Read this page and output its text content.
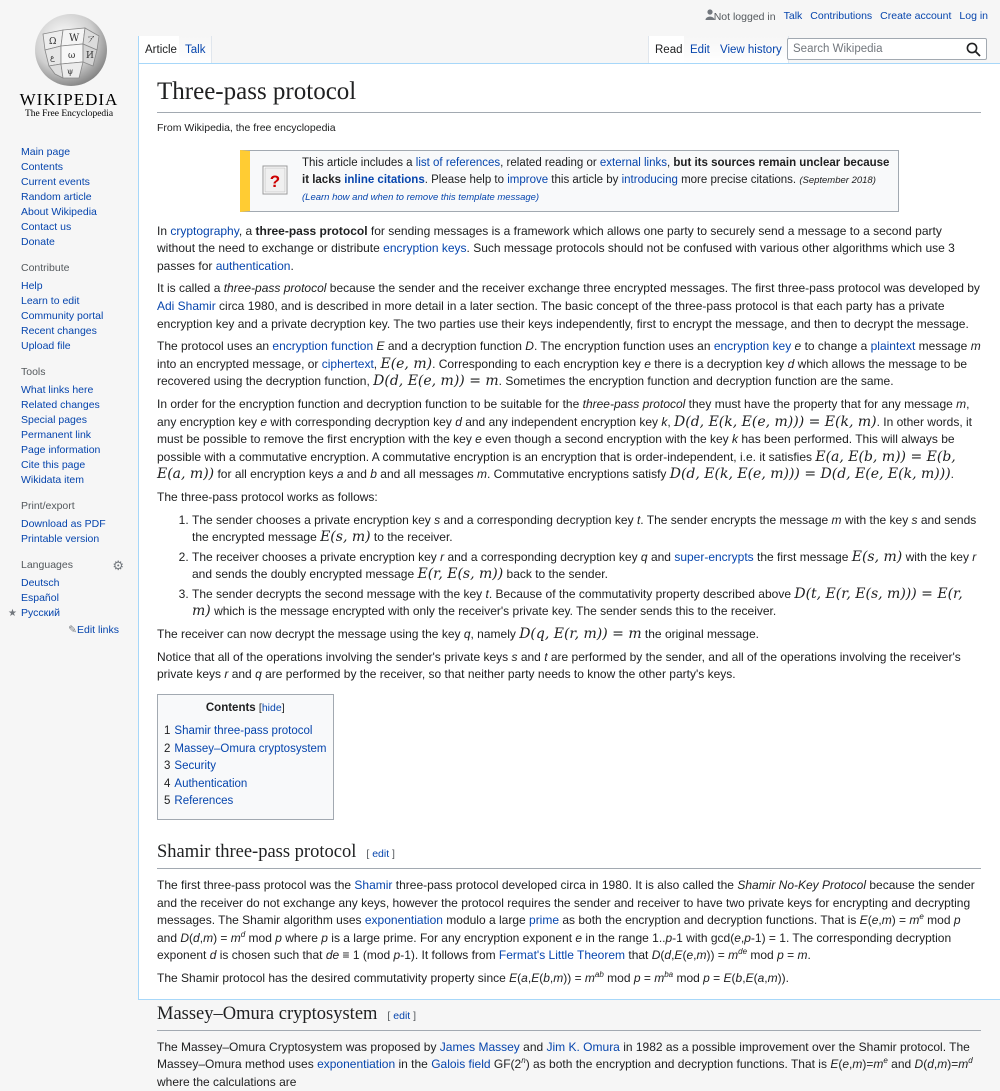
Ω W ア
ω И
ع
ψ
WIKIPEDIA
The Free Encyclopedia
Main page
Contents
Current events
Random article
About Wikipedia
Contact us
Donate
Contribute
Help
Learn to edit
Community portal
Recent changes
Upload file
Tools
What links here
Related changes
Special pages
Permanent link
Page information
Cite this page
Wikidata item
Print/export
Download as PDF
Printable version
Languages	⚙
Deutsch
Español
★ Русский
✎Edit links
Not logged in Talk Contributions Create account Log in
Article Talk	Read Edit View history
Search Wikipedia
Three-pass protocol
From Wikipedia, the free encyclopedia
?
This article includes a list of references, related reading or external links, but its sources remain unclear because it lacks inline citations. Please help to improve this article by introducing more precise citations. (September 2018) (Learn how and when to remove this template message)

In cryptography, a three-pass protocol for sending messages is a framework which allows one party to securely send a message to a second party without the need to exchange or distribute encryption keys. Such message protocols should not be confused with various other algorithms which use 3 passes for authentication.

It is called a three-pass protocol because the sender and the receiver exchange three encrypted messages. The first three-pass protocol was developed by Adi Shamir circa 1980, and is described in more detail in a later section. The basic concept of the three-pass protocol is that each party has a private encryption key and a private decryption key. The two parties use their keys independently, first to encrypt the message, and then to decrypt the message.

The protocol uses an encryption function E and a decryption function D. The encryption function uses an encryption key e to change a plaintext message m into an encrypted message, or ciphertext, E(e, m). Corresponding to each encryption key e there is a decryption key d which allows the message to be recovered using the decryption function, D(d, E(e, m)) = m. Sometimes the encryption function and decryption function are the same.

In order for the encryption function and decryption function to be suitable for the three-pass protocol they must have the property that for any message m, any encryption key e with corresponding decryption key d and any independent encryption key k, D(d, E(k, E(e, m))) = E(k, m). In other words, it must be possible to remove the first encryption with the key e even though a second encryption with the key k has been performed. This will always be possible with a commutative encryption. A commutative encryption is an encryption that is order-independent, i.e. it satisfies E(a, E(b, m)) = E(b, E(a, m)) for all encryption keys a and b and all messages m. Commutative encryptions satisfy D(d, E(k, E(e, m))) = D(d, E(e, E(k, m))).

The three-pass protocol works as follows:

1. The sender chooses a private encryption key s and a corresponding decryption key t. The sender encrypts the message m with the key s and sends the encrypted message E(s, m) to the receiver.
2. The receiver chooses a private encryption key r and a corresponding decryption key q and super-encrypts the first message E(s, m) with the key r and sends the doubly encrypted message E(r, E(s, m)) back to the sender.
3. The sender decrypts the second message with the key t. Because of the commutativity property described above D(t, E(r, E(s, m))) = E(r, m) which is the message encrypted with only the receiver's private key. The sender sends this to the receiver.

The receiver can now decrypt the message using the key q, namely D(q, E(r, m)) = m the original message.

Notice that all of the operations involving the sender's private keys s and t are performed by the sender, and all of the operations involving the receiver's private keys r and q are performed by the receiver, so that neither party needs to know the other party's keys.

Contents [hide]
1 Shamir three-pass protocol
2 Massey–Omura cryptosystem
3 Security
4 Authentication
5 References
Shamir three-pass protocol [ edit ]

The first three-pass protocol was the Shamir three-pass protocol developed circa in 1980. It is also called the Shamir No-Key Protocol because the sender and the receiver do not exchange any keys, however the protocol requires the sender and receiver to have two private keys for encrypting and decrypting messages. The Shamir algorithm uses exponentiation modulo a large prime as both the encryption and decryption functions. That is $E(e,m) = m^e$ mod p and $D(d,m) = m^d$ mod p where p is a large prime. For any encryption exponent e in the range 1..p-1 with gcd(e,p-1) = 1. The corresponding decryption exponent d is chosen such that de ≡ 1 (mod p-1). It follows from Fermat's Little Theorem that $D(d,E(e,m)) = m^{de}$ mod p = m.

The Shamir protocol has the desired commutativity property since $E(a,E(b,m)) = m^{ab}$ mod $p = m^{ba}$ mod p = E(b,E(a,m)).

Massey–Omura cryptosystem [ edit ]

The Massey–Omura Cryptosystem was proposed by James Massey and Jim K. Omura in 1982 as a possible improvement over the Shamir protocol. The Massey–Omura method uses exponentiation in the Galois field GF(2$^n$) as both the encryption and decryption functions. That is $E(e,m)=m^e$ and $D(d,m)=m^d$ where the calculations are
